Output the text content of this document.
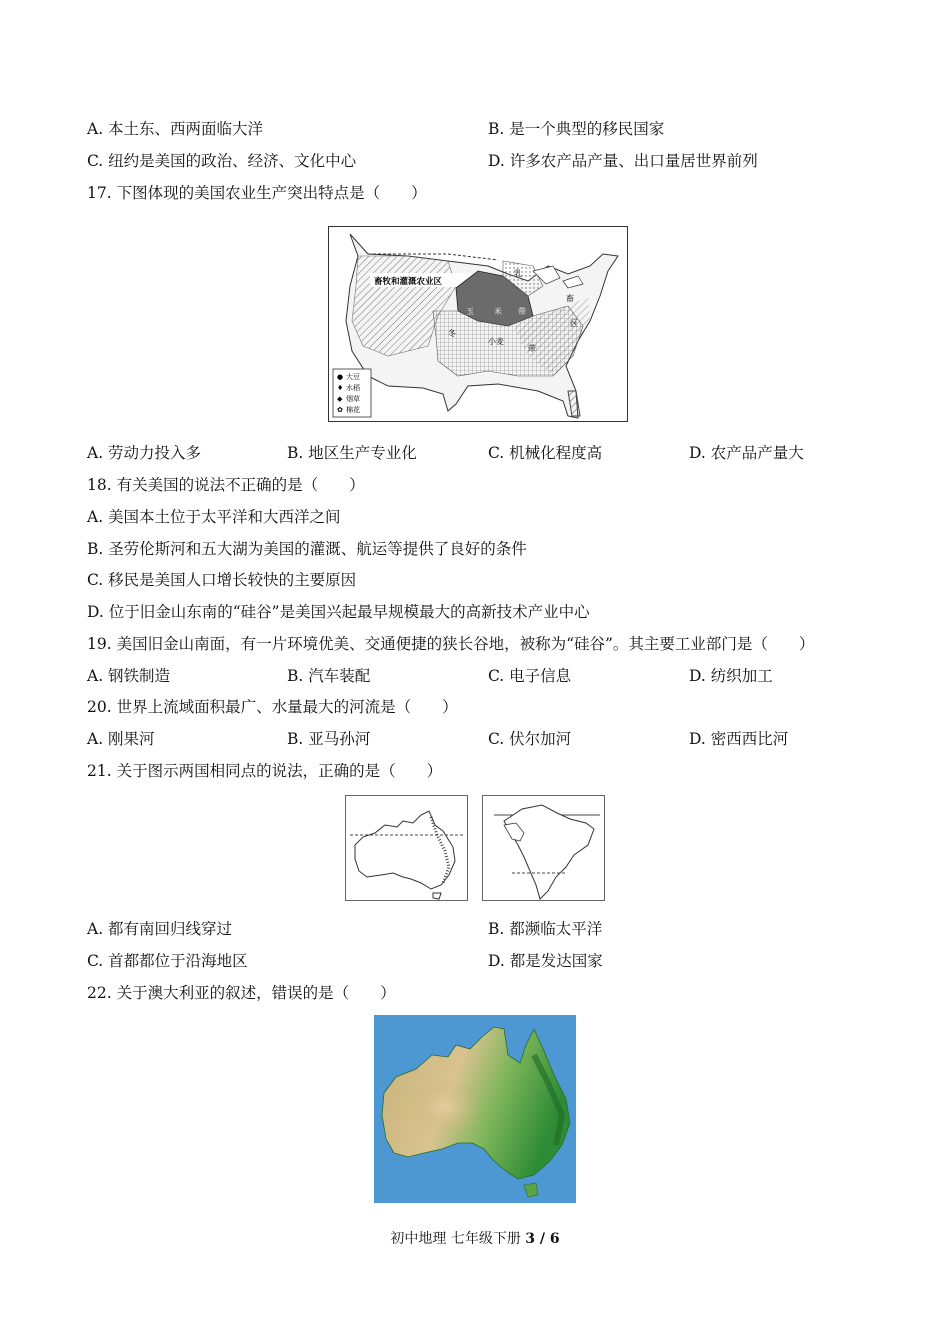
A. 本土东、西两面临大洋	B. 是一个典型的移民国家
C. 纽约是美国的政治、经济、文化中心	D. 许多农产品产量、出口量居世界前列
17. 下图体现的美国农业生产突出特点是（　　）
畜牧和灌溉农业区
玉	米 带
乳
畜
冬
小麦
区
带
● 大豆
♦ 水稻
◆ 烟草
✿ 棉花
A. 劳动力投入多	B. 地区生产专业化	C. 机械化程度高	D. 农产品产量大
18. 有关美国的说法不正确的是（　　）
A. 美国本土位于太平洋和大西洋之间
B. 圣劳伦斯河和五大湖为美国的灌溉、航运等提供了良好的条件
C. 移民是美国人口增长较快的主要原因
D. 位于旧金山东南的“硅谷”是美国兴起最早规模最大的高新技术产业中心
19. 美国旧金山南面，有一片环境优美、交通便捷的狭长谷地，被称为“硅谷”。其主要工业部门是（　　）
A. 钢铁制造	B. 汽车装配	C. 电子信息	D. 纺织加工
20. 世界上流域面积最广、水量最大的河流是（　　）
A. 刚果河	B. 亚马孙河	C. 伏尔加河	D. 密西西比河
21. 关于图示两国相同点的说法，正确的是（　　）
A. 都有南回归线穿过	B. 都濒临太平洋
C. 首都都位于沿海地区	D. 都是发达国家
22. 关于澳大利亚的叙述，错误的是（　　）
初中地理 七年级下册 3 / 6
